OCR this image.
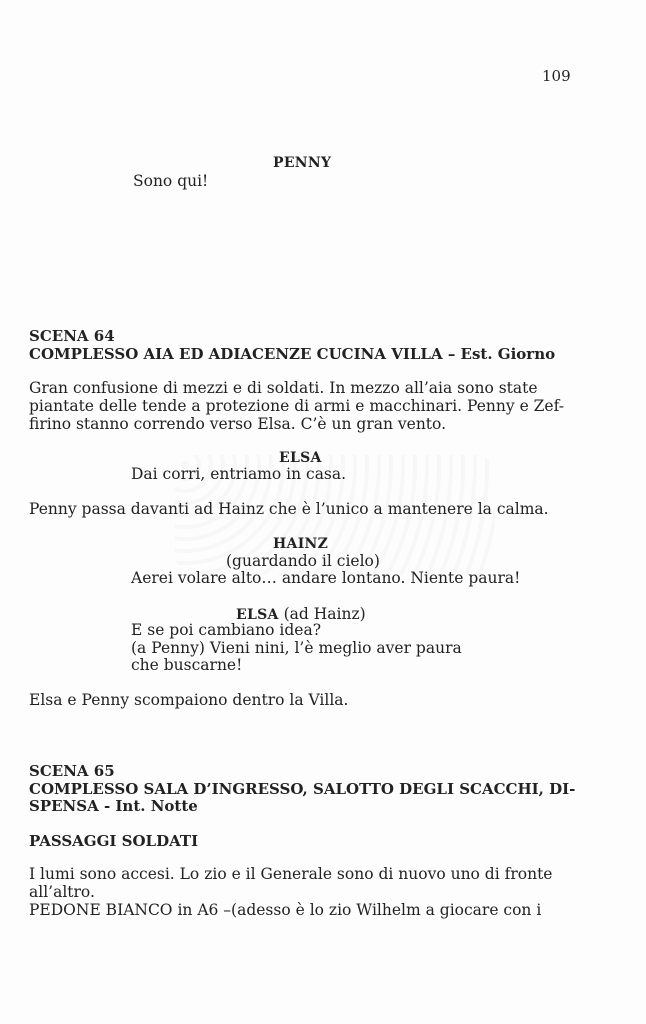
109
PENNY
Sono qui!
SCENA 64
COMPLESSO AIA ED ADIACENZE CUCINA VILLA – Est. Giorno
Gran confusione di mezzi e di soldati. In mezzo all’aia sono state
piantate delle tende a protezione di armi e macchinari. Penny e Zef-
firino stanno correndo verso Elsa. C’è un gran vento.
ELSA
Dai corri, entriamo in casa.
Penny passa davanti ad Hainz che è l’unico a mantenere la calma.
HAINZ
(guardando il cielo)
Aerei volare alto… andare lontano. Niente paura!
ELSA (ad Hainz)
E se poi cambiano idea?
(a Penny) Vieni nini, l’è meglio aver paura
che buscarne!
Elsa e Penny scompaiono dentro la Villa.
SCENA 65
COMPLESSO SALA D’INGRESSO, SALOTTO DEGLI SCACCHI, DI-
SPENSA - Int. Notte
PASSAGGI SOLDATI
I lumi sono accesi. Lo zio e il Generale sono di nuovo uno di fronte
all’altro.
PEDONE BIANCO in A6 –(adesso è lo zio Wilhelm a giocare con i
